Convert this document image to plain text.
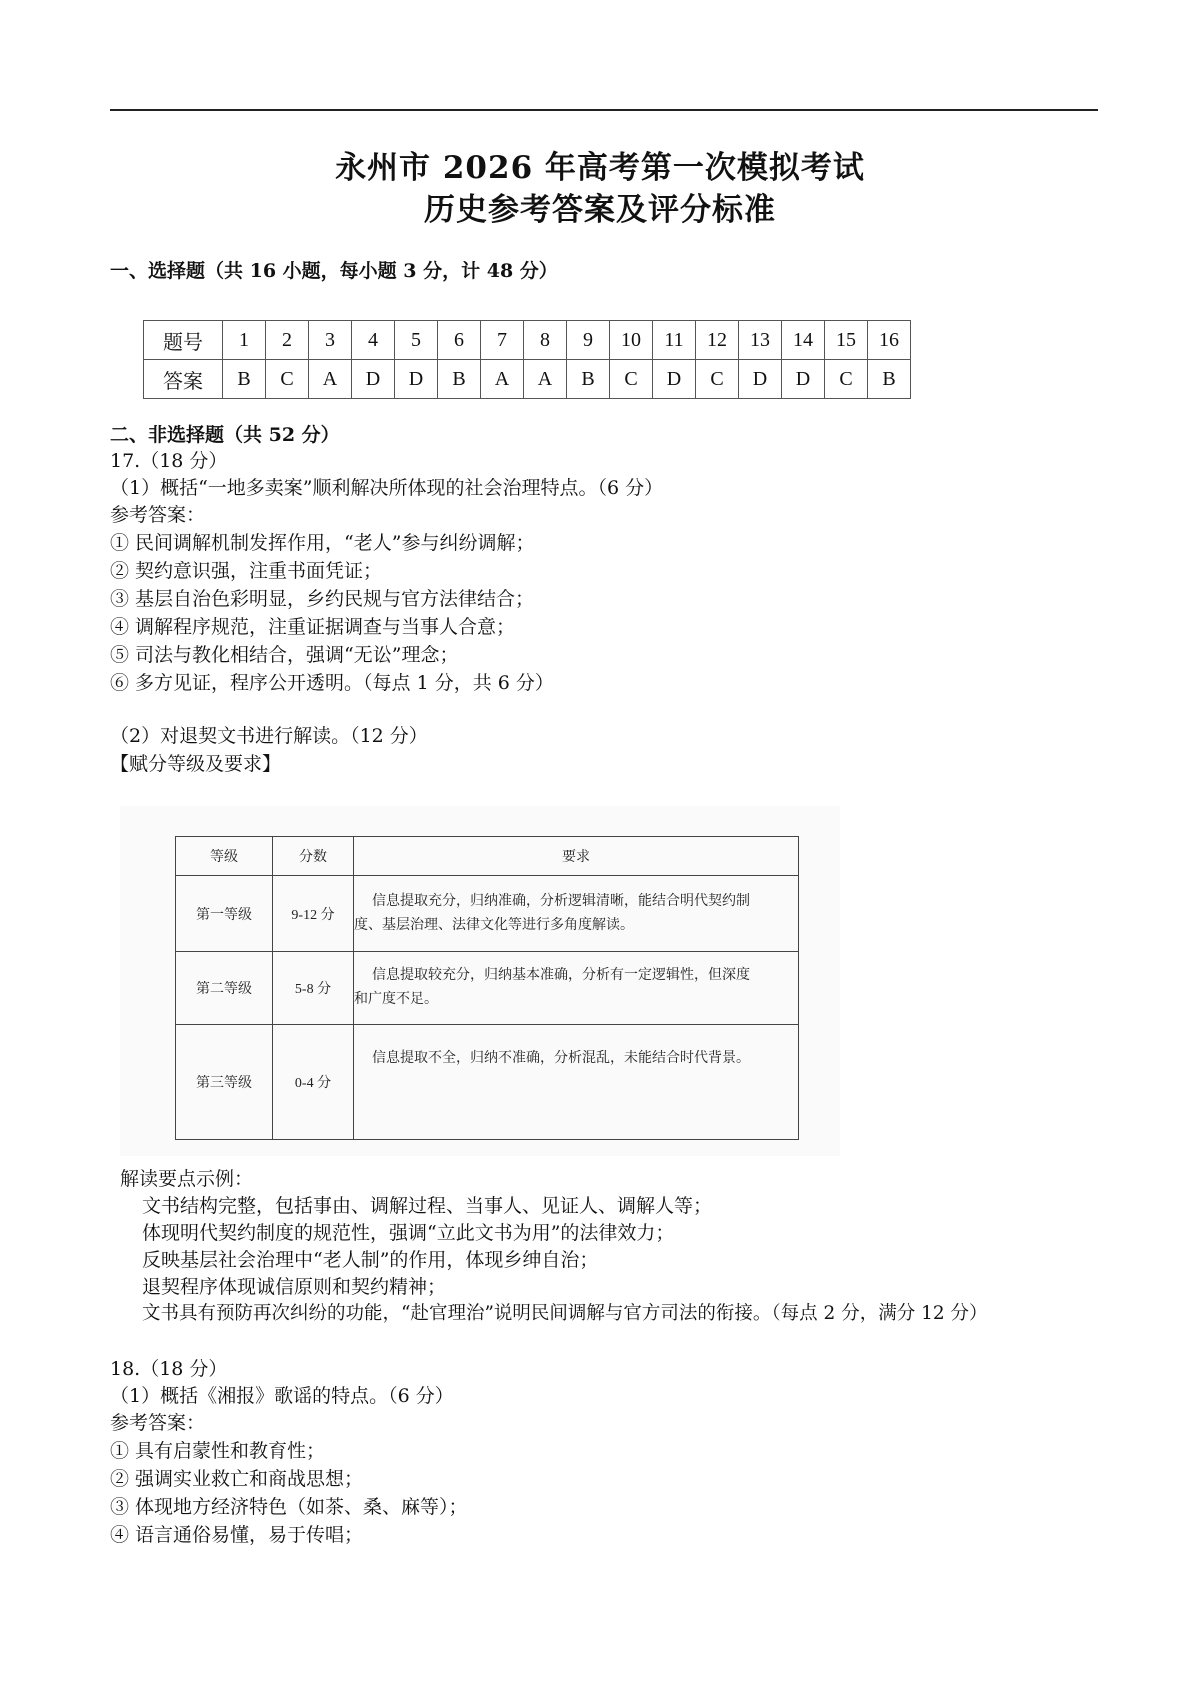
永州市 2026 年高考第一次模拟考试
历史参考答案及评分标准
一、选择题（共 16 小题，每小题 3 分，计 48 分）
题号	1	2	3	4	5	6	7	8	9	10	11	12	13	14	15	16
答案	B	C	A	D	D	B	A	A	B	C	D	C	D	D	C	B
二、非选择题（共 52 分）
17.（18 分）
（1）概括“一地多卖案”顺利解决所体现的社会治理特点。（6 分）
参考答案：
① 民间调解机制发挥作用，“老人”参与纠纷调解；
② 契约意识强，注重书面凭证；
③ 基层自治色彩明显，乡约民规与官方法律结合；
④ 调解程序规范，注重证据调查与当事人合意；
⑤ 司法与教化相结合，强调“无讼”理念；
⑥ 多方见证，程序公开透明。（每点 1 分，共 6 分）
（2）对退契文书进行解读。（12 分）
【赋分等级及要求】
等级	分数	要求
第一等级	9-12 分	信息提取充分，归纳准确，分析逻辑清晰，能结合明代契约制
度、基层治理、法律文化等进行多角度解读。

第二等级	5-8 分	信息提取较充分，归纳基本准确，分析有一定逻辑性，但深度
和广度不足。

第三等级	0-4 分	信息提取不全，归纳不准确，分析混乱，未能结合时代背景。
解读要点示例：
文书结构完整，包括事由、调解过程、当事人、见证人、调解人等；
体现明代契约制度的规范性，强调“立此文书为用”的法律效力；
反映基层社会治理中“老人制”的作用，体现乡绅自治；
退契程序体现诚信原则和契约精神；
文书具有预防再次纠纷的功能，“赴官理治”说明民间调解与官方司法的衔接。（每点 2 分，满分 12 分）
18.（18 分）
（1）概括《湘报》歌谣的特点。（6 分）
参考答案：
① 具有启蒙性和教育性；
② 强调实业救亡和商战思想；
③ 体现地方经济特色（如茶、桑、麻等）；
④ 语言通俗易懂，易于传唱；
